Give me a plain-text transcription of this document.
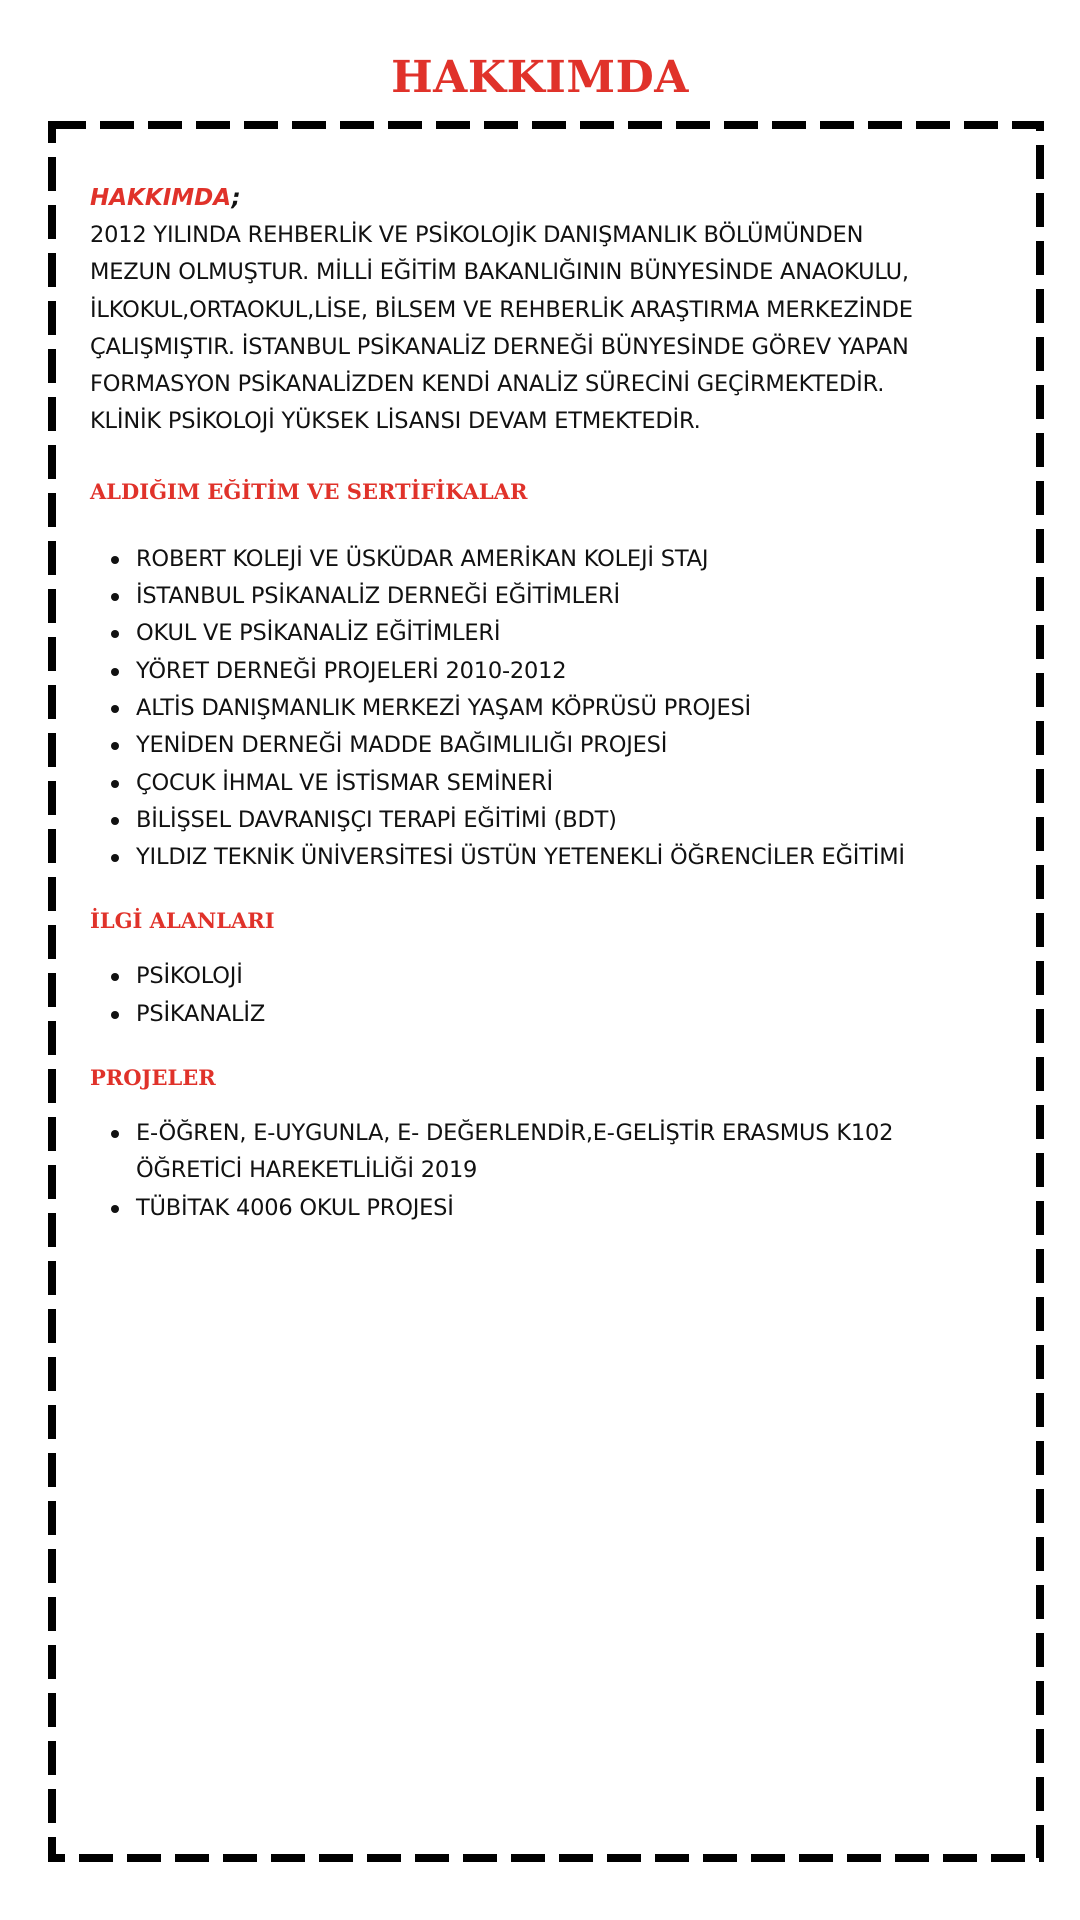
HAKKIMDA

HAKKIMDA;

2012 YILINDA REHBERLİK VE PSİKOLOJİK DANIŞMANLIK BÖLÜMÜNDEN
MEZUN OLMUŞTUR. MİLLİ EĞİTİM BAKANLIĞININ BÜNYESİNDE ANAOKULU,
İLKOKUL,ORTAOKUL,LİSE, BİLSEM VE REHBERLİK ARAŞTIRMA MERKEZİNDE
ÇALIŞMIŞTIR. İSTANBUL PSİKANALİZ DERNEĞİ BÜNYESİNDE GÖREV YAPAN
FORMASYON PSİKANALİZDEN KENDİ ANALİZ SÜRECİNİ GEÇİRMEKTEDİR.
KLİNİK PSİKOLOJİ YÜKSEK LİSANSI DEVAM ETMEKTEDİR.

ALDIĞIM EĞİTİM VE SERTİFİKALAR
ROBERT KOLEJİ VE ÜSKÜDAR AMERİKAN KOLEJİ STAJ
İSTANBUL PSİKANALİZ DERNEĞİ EĞİTİMLERİ
OKUL VE PSİKANALİZ EĞİTİMLERİ
YÖRET DERNEĞİ PROJELERİ 2010-2012
ALTİS DANIŞMANLIK MERKEZİ YAŞAM KÖPRÜSÜ PROJESİ
YENİDEN DERNEĞİ MADDE BAĞIMLILIĞI PROJESİ
ÇOCUK İHMAL VE İSTİSMAR SEMİNERİ
BİLİŞSEL DAVRANIŞÇI TERAPİ EĞİTİMİ (BDT)
YILDIZ TEKNİK ÜNİVERSİTESİ ÜSTÜN YETENEKLİ ÖĞRENCİLER EĞİTİMİ
İLGİ ALANLARI
PSİKOLOJİ
PSİKANALİZ
PROJELER
E-ÖĞREN, E-UYGUNLA, E- DEĞERLENDİR,E-GELİŞTİR ERASMUS K102
ÖĞRETİCİ HAREKETLİLİĞİ 2019
TÜBİTAK 4006 OKUL PROJESİ
